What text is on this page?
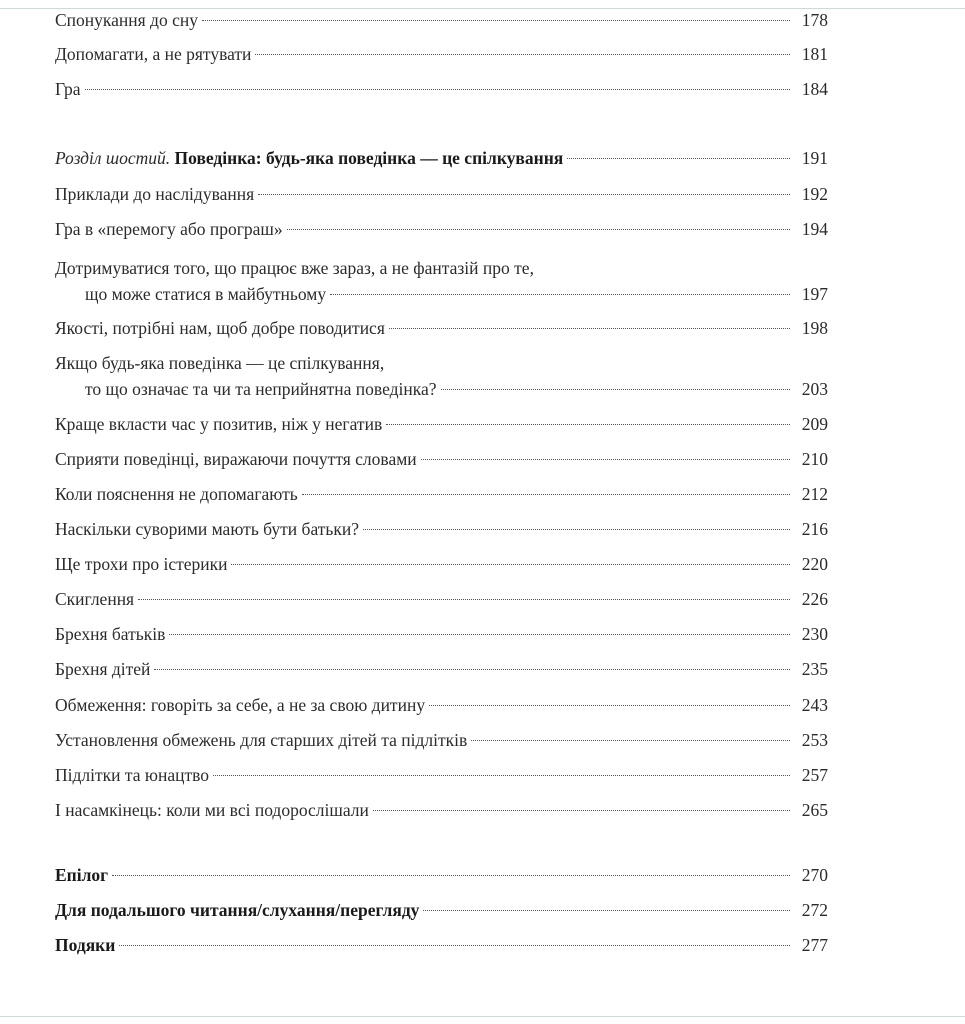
Спонукання до сну	178
Допомагати, а не рятувати	181
Гра	184
Розділ шостий. Поведінка: будь-яка поведінка — це спілкування	191
Приклади до наслідування	192
Гра в «перемогу або програш»	194
Дотримуватися того, що працює вже зараз, а не фантазій про те,
що може статися в майбутньому	197
Якості, потрібні нам, щоб добре поводитися	198
Якщо будь-яка поведінка — це спілкування,
то що означає та чи та неприйнятна поведінка?	203
Краще вкласти час у позитив, ніж у негатив	209
Сприяти поведінці, виражаючи почуття словами	210
Коли пояснення не допомагають	212
Наскільки суворими мають бути батьки?	216
Ще трохи про істерики	220
Скиглення	226
Брехня батьків	230
Брехня дітей	235
Обмеження: говоріть за себе, а не за свою дитину	243
Установлення обмежень для старших дітей та підлітків	253
Підлітки та юнацтво	257
І насамкінець: коли ми всі подорослішали	265
Епілог	270
Для подальшого читання/слухання/перегляду	272
Подяки	277
